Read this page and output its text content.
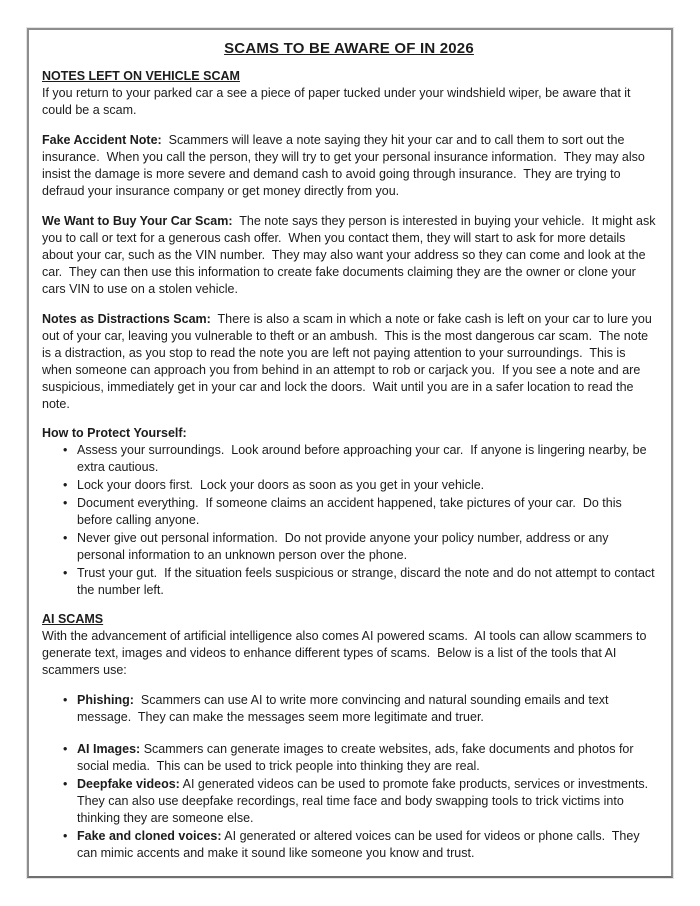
SCAMS TO BE AWARE OF IN 2026
NOTES LEFT ON VEHICLE SCAM

If you return to your parked car a see a piece of paper tucked under your windshield wiper, be aware that it could be a scam.

Fake Accident Note:  Scammers will leave a note saying they hit your car and to call them to sort out the insurance.  When you call the person, they will try to get your personal insurance information.  They may also insist the damage is more severe and demand cash to avoid going through insurance.  They are trying to defraud your insurance company or get money directly from you.

We Want to Buy Your Car Scam:  The note says they person is interested in buying your vehicle.  It might ask you to call or text for a generous cash offer.  When you contact them, they will start to ask for more details about your car, such as the VIN number.  They may also want your address so they can come and look at the car.  They can then use this information to create fake documents claiming they are the owner or clone your cars VIN to use on a stolen vehicle.

Notes as Distractions Scam:  There is also a scam in which a note or fake cash is left on your car to lure you out of your car, leaving you vulnerable to theft or an ambush.  This is the most dangerous car scam.  The note is a distraction, as you stop to read the note you are left not paying attention to your surroundings.  This is when someone can approach you from behind in an attempt to rob or carjack you.  If you see a note and are suspicious, immediately get in your car and lock the doors.  Wait until you are in a safer location to read the note.

How to Protect Yourself:
• Assess your surroundings.  Look around before approaching your car.  If anyone is lingering nearby, be extra cautious.
• Lock your doors first.  Lock your doors as soon as you get in your vehicle.
• Document everything.  If someone claims an accident happened, take pictures of your car.  Do this before calling anyone.
• Never give out personal information.  Do not provide anyone your policy number, address or any personal information to an unknown person over the phone.
• Trust your gut.  If the situation feels suspicious or strange, discard the note and do not attempt to contact the number left.
AI SCAMS

With the advancement of artificial intelligence also comes AI powered scams.  AI tools can allow scammers to generate text, images and videos to enhance different types of scams.  Below is a list of the tools that AI scammers use:

• Phishing:  Scammers can use AI to write more convincing and natural sounding emails and text message.  They can make the messages seem more legitimate and truer.
• AI Images: Scammers can generate images to create websites, ads, fake documents and photos for social media.  This can be used to trick people into thinking they are real.
• Deepfake videos: AI generated videos can be used to promote fake products, services or investments.  They can also use deepfake recordings, real time face and body swapping tools to trick victims into thinking they are someone else.
• Fake and cloned voices: AI generated or altered voices can be used for videos or phone calls.  They can mimic accents and make it sound like someone you know and trust.
